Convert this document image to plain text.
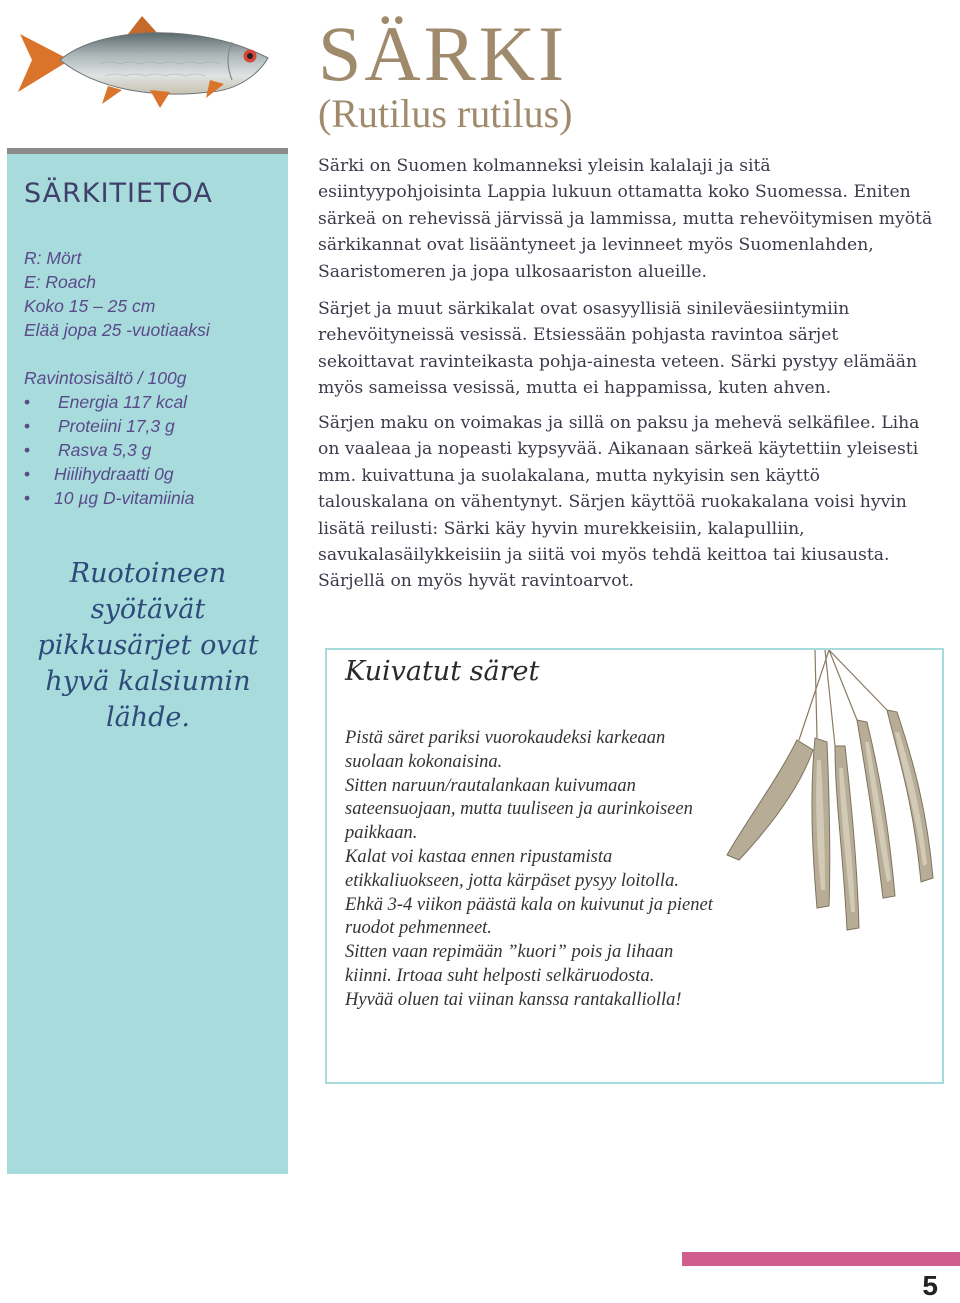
SÄRKI
(Rutilus rutilus)
SÄRKITIETOA
R: Mört
E: Roach
Koko 15 – 25 cm
Elää jopa 25 -vuotiaaksi
Ravintosisältö / 100g
• Energia 117 kcal
• Proteiini 17,3 g
• Rasva 5,3 g
• Hiilihydraatti 0g
• 10 µg D-vitamiinia

Ruotoineen syötävät pikkusärjet ovat hyvä kalsiumin lähde.

Särki on Suomen kolmanneksi yleisin kalalaji ja sitä esiintyypohjoisinta Lappia lukuun ottamatta koko Suomessa. Eniten särkeä on rehevissä järvissä ja lammissa, mutta rehevöitymisen myötä särkikannat ovat lisääntyneet ja levinneet myös Suomenlahden, Saaristomeren ja jopa ulkosaariston alueille.

Särjet ja muut särkikalat ovat osasyyllisiä sinileväesiintymiin rehevöityneissä vesissä. Etsiessään pohjasta ravintoa särjet sekoittavat ravinteikasta pohja-ainesta veteen. Särki pystyy elämään myös sameissa vesissä, mutta ei happamissa, kuten ahven.

Särjen maku on voimakas ja sillä on paksu ja mehevä selkäfilee. Liha on vaaleaa ja nopeasti kypsyvää. Aikanaan särkeä käytettiin yleisesti mm. kuivattuna ja suolakalana, mutta nykyisin sen käyttö talouskalana on vähentynyt. Särjen käyttöä ruokakalana voisi hyvin lisätä reilusti: Särki käy hyvin murekkeisiin, kalapulliin, savukalasäilykkeisiin ja siitä voi myös tehdä keittoa tai kiusausta. Särjellä on myös hyvät ravintoarvot.

Kuivatut säret
Pistä säret pariksi vuorokaudeksi karkeaan suolaan kokonaisina.
Sitten naruun/rautalankaan kuivumaan sateensuojaan, mutta tuuliseen ja aurinkoiseen paikkaan.
Kalat voi kastaa ennen ripustamista etikkaliuokseen, jotta kärpäset pysyy loitolla.
Ehkä 3-4 viikon päästä kala on kuivunut ja pienet ruodot pehmenneet.
Sitten vaan repimään ”kuori” pois ja lihaan kiinni. Irtoaa suht helposti selkäruodosta.
Hyvää oluen tai viinan kanssa rantakalliolla!
5
